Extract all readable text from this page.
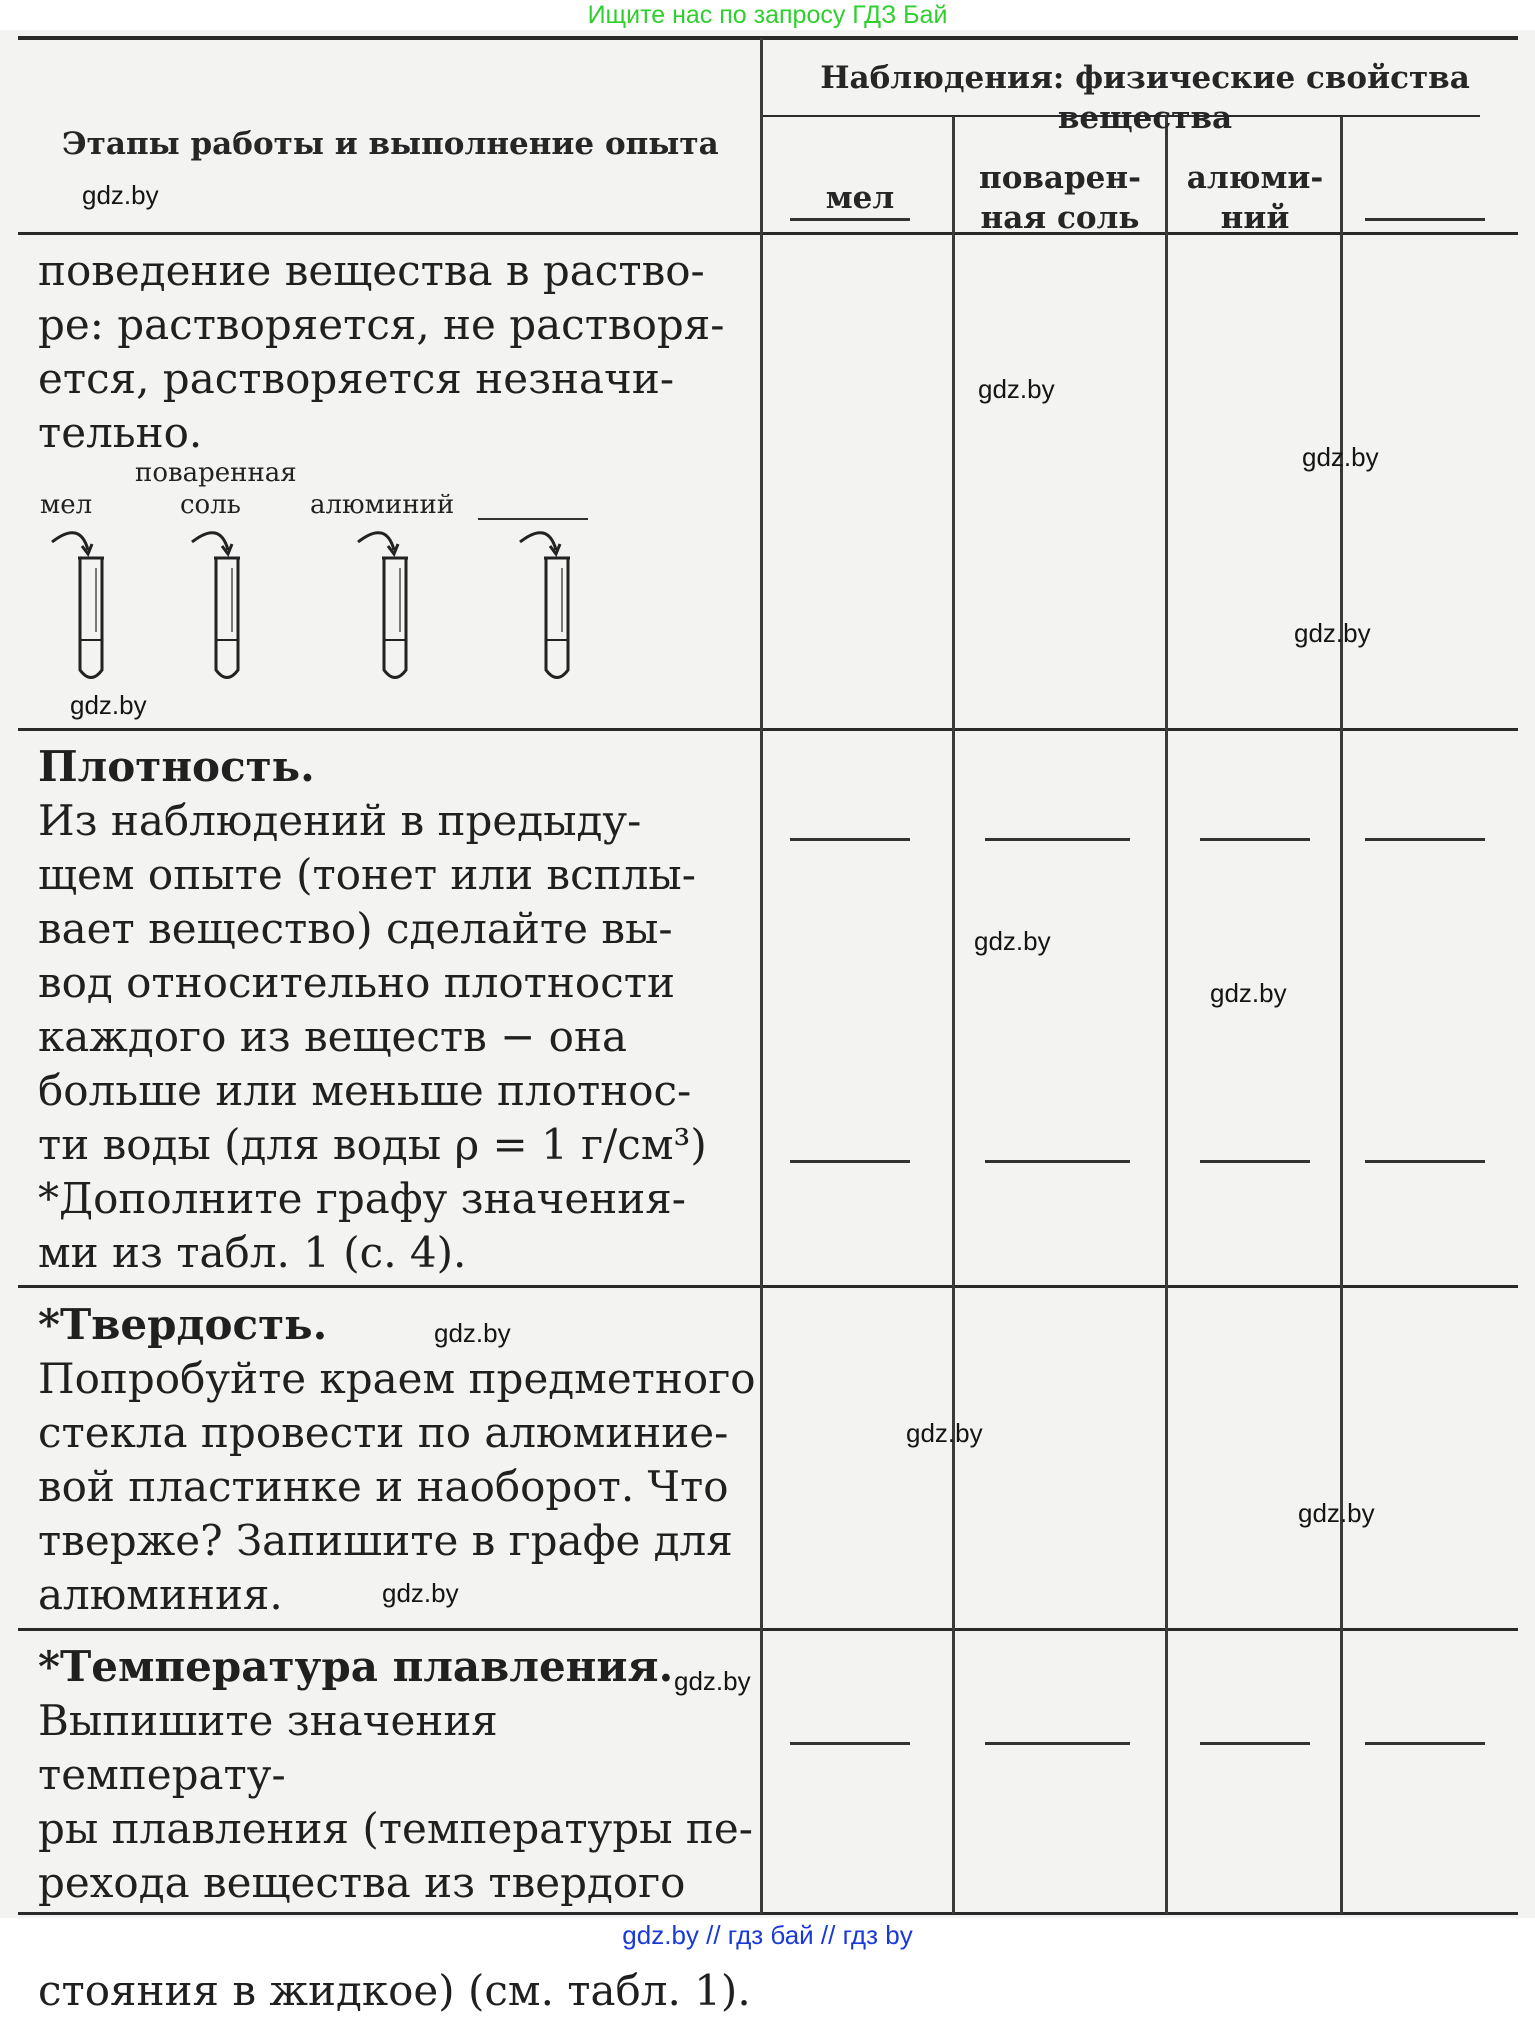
Этапы работы и выполнение опыта
Наблюдения: физические свойства вещества
мел
поварен-
ная соль
алюми-
ний
поведение вещества в раство-
ре: растворяется, не растворя-
ется, растворяется незначи-
тельно.
мел
поваренная
соль	алюминий
Плотность.
Из наблюдений в предыду-
щем опыте (тонет или всплы-
вает вещество) сделайте вы-
вод относительно плотности
каждого из веществ − она
больше или меньше плотнос-
ти воды (для воды ρ = 1 г/см³)
*Дополните графу значения-
ми из табл. 1 (с. 4).
*Твердость.
Попробуйте краем предметного
стекла провести по алюминие-
вой пластинке и наоборот. Что
тверже? Запишите в графе для
алюминия.
*Температура плавления.
Выпишите значения температу-
ры плавления (температуры пе-
рехода вещества из твердого
стояния в жидкое) (см. табл. 1).
gdz.by
gdz.by
gdz.by
gdz.by
gdz.by
gdz.by
gdz.by
gdz.by
gdz.by
gdz.by
gdz.by
gdz.by
Ищите нас по запросу ГДЗ Бай
gdz.by // гдз бай // гдз by
